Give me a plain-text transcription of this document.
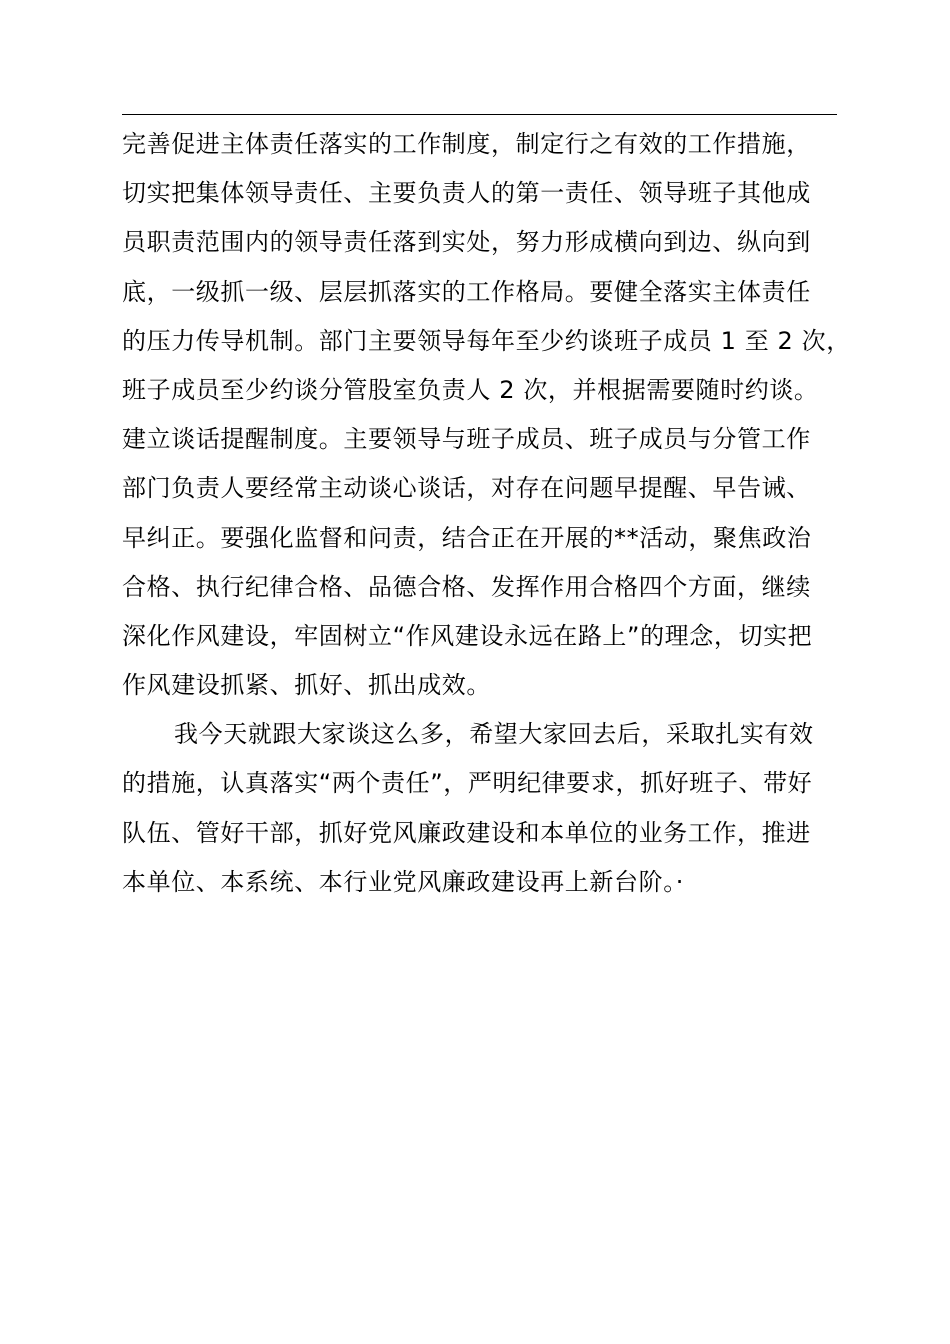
完善促进主体责任落实的工作制度，制定行之有效的工作措施，
切实把集体领导责任、主要负责人的第一责任、领导班子其他成
员职责范围内的领导责任落到实处，努力形成横向到边、纵向到
底，一级抓一级、层层抓落实的工作格局。要健全落实主体责任
的压力传导机制。部门主要领导每年至少约谈班子成员 1 至 2 次，
班子成员至少约谈分管股室负责人 2 次，并根据需要随时约谈。
建立谈话提醒制度。主要领导与班子成员、班子成员与分管工作
部门负责人要经常主动谈心谈话，对存在问题早提醒、早告诫、
早纠正。要强化监督和问责，结合正在开展的**活动，聚焦政治
合格、执行纪律合格、品德合格、发挥作用合格四个方面，继续
深化作风建设，牢固树立“作风建设永远在路上”的理念，切实把
作风建设抓紧、抓好、抓出成效。
我今天就跟大家谈这么多，希望大家回去后，采取扎实有效
的措施，认真落实“两个责任”，严明纪律要求，抓好班子、带好
队伍、管好干部，抓好党风廉政建设和本单位的业务工作，推进
本单位、本系统、本行业党风廉政建设再上新台阶。·
